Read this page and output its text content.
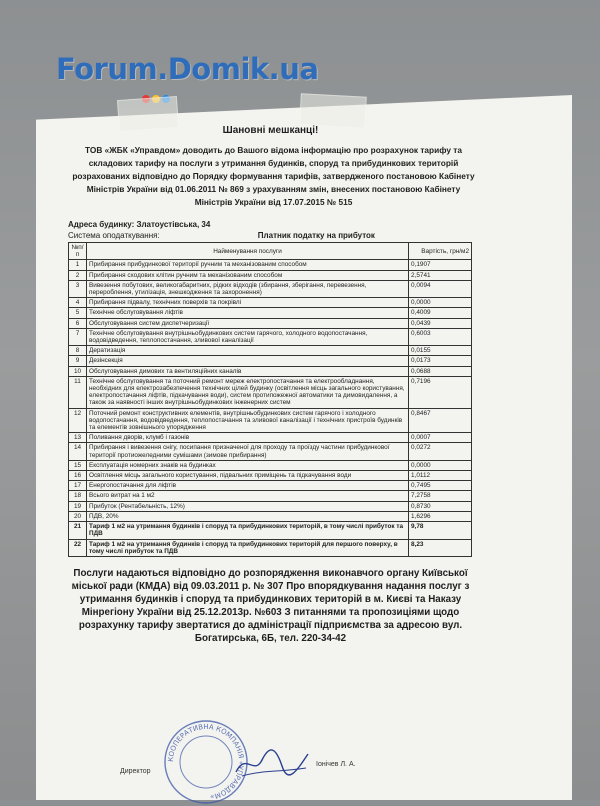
Forum.Domik.ua
Шановні мешканці!
ТОВ «ЖБК «Управдом» доводить до Вашого відома інформацію про розрахунок тарифу та складових тарифу на послуги з утримання будинків, споруд та прибудинкових територій розрахованих відповідно до Порядку формування тарифів, затвердженого постановою Кабінету Міністрів України від 01.06.2011 № 869 з урахуванням змін, внесених постановою Кабінету Міністрів України від 17.07.2015 № 515
Адреса будинку: Златоустівська, 34
Система оподаткування:	Платник податку на прибуток
№п/п	Найменування послуги	Вартість, грн/м2
1	Прибирання прибудинкової території ручним та механізованим способом	0,1907
2	Прибирання сходових клітин ручним та механізованим способом	2,5741
3	Вивезення побутових, великогабаритних, рідких відходів (збирання, зберігання, перевезення, перероблення, утилізація, знешкодження та захоронення)	0,0094
4	Прибирання підвалу, технічних поверхів та покрівлі	0,0000
5	Технічне обслуговування ліфтів	0,4009
6	Обслуговування систем диспетчеризації	0,0439
7	Технічне обслуговування внутрішньобудинкових систем гарячого, холодного водопостачання, водовідведення, теплопостачання, зливової каналізації	0,6003
8	Дератизація	0,0155
9	Дезінсекція	0,0173
10	Обслуговування димових та вентиляційних каналів	0,0688
11	Технічне обслуговування та поточний ремонт мереж електропостачання та електрообладнання, необхідних для електрозабезпечення технічних цілей будинку (освітлення місць загального користування, електропостачання ліфтів, підкачування води), систем протипожежної автоматики та димовидалення, а також за наявності інших внутрішньобудинкових інженерних систем	0,7196
12	Поточний ремонт конструктивних елементів, внутрішньобудинкових систем гарячого і холодного водопостачання, водовідведення, теплопостачання та зливової каналізації і технічних пристроїв будинків та елементів зовнішнього упорядження	0,8467
13	Поливання дворів, клумб і газонів	0,0007
14	Прибирання і вивезення снігу, посипання призначеної для проходу та проїзду частини прибудинкової території протиожеледними сумішами (зимове прибирання)	0,0272
15	Експлуатація номерних знаків на будинках	0,0000
16	Освітлення місць загального користування, підвальних приміщень та підкачування води	1,0112
17	Енергопостачання для ліфтів	0,7495
18	Всього витрат на 1 м2	7,2758
19	Прибуток (Рентабельність, 12%)	0,8730
20	ПДВ, 20%	1,6296
21	Тариф 1 м2 на утримання будинків і споруд та прибудинкових територій, в тому числі прибуток та ПДВ	9,78
22	Тариф 1 м2 на утримання будинків і споруд та прибудинкових територій для першого поверху, в тому числі прибуток та ПДВ	8,23
Послуги надаються відповідно до розпорядження виконавчого органу Київської міської ради (КМДА) від 09.03.2011 р. № 307 Про впорядкування надання послуг з утримання будинків і споруд та прибудинкових територій в м. Києві та Наказу Мінрегіону України від 25.12.2013р. №603 З питаннями та пропозиціями щодо розрахунку тарифу звертатися до адміністрації підприємства за адресою вул. Богатирська, 6Б, тел. 220-34-42
КООПЕРАТИВНА КОМПАНІЯ «УПРАВДОМ»
Директор
Іонічев Л. А.
